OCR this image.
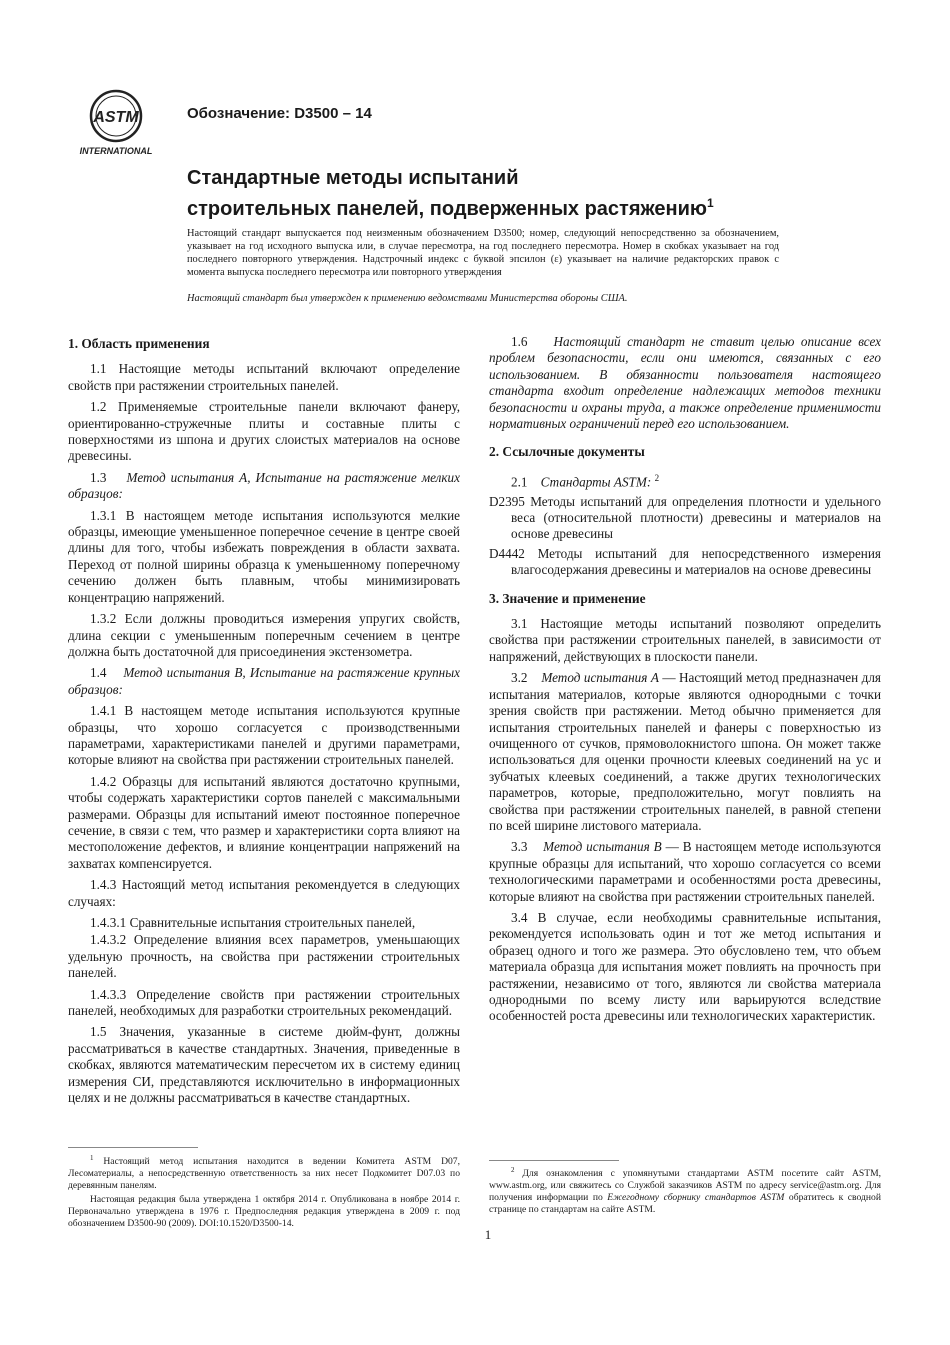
ASTM
INTERNATIONAL
Обозначение: D3500 – 14
Стандартные методы испытаний
строительных панелей, подверженных растяжению$^1$
Настоящий стандарт выпускается под неизменным обозначением D3500; номер, следующий непосредственно за обозначением, указывает на год исходного выпуска или, в случае пересмотра, на год последнего пересмотра. Номер в скобках указывает на год последнего повторного утверждения. Надстрочный индекс с буквой эпсилон (ε) указывает на наличие редакторских правок с момента выпуска последнего пересмотра или повторного утверждения
Настоящий стандарт был утвержден к применению ведомствами Министерства обороны США.
1. Область применения

1.1 Настоящие методы испытаний включают определение свойств при растяжении строительных панелей.

1.2 Применяемые строительные панели включают фанеру, ориентированно-стружечные плиты и составные плиты с поверхностями из шпона и других слоистых материалов на основе древесины.

1.3 Метод испытания A, Испытание на растяжение мелких образцов:

1.3.1 В настоящем методе испытания используются мелкие образцы, имеющие уменьшенное поперечное сечение в центре своей длины для того, чтобы избежать повреждения в области захвата. Переход от полной ширины образца к уменьшенному поперечному сечению должен быть плавным, чтобы минимизировать концентрацию напряжений.

1.3.2 Если должны проводиться измерения упругих свойств, длина секции с уменьшенным поперечным сечением в центре должна быть достаточной для присоединения экстензометра.

1.4 Метод испытания B, Испытание на растяжение крупных образцов:

1.4.1 В настоящем методе испытания используются крупные образцы, что хорошо согласуется с производственными параметрами, характеристиками панелей и другими параметрами, которые влияют на свойства при растяжении строительных панелей.

1.4.2 Образцы для испытаний являются достаточно крупными, чтобы содержать характеристики сортов панелей с максимальными размерами. Образцы для испытаний имеют постоянное поперечное сечение, в связи с тем, что размер и характеристики сорта влияют на местоположение дефектов, и влияние концентрации напряжений на захватах компенсируется.

1.4.3 Настоящий метод испытания рекомендуется в следующих случаях:

1.4.3.1 Сравнительные испытания строительных панелей,

1.4.3.2 Определение влияния всех параметров, уменьшающих удельную прочность, на свойства при растяжении строительных панелей.

1.4.3.3 Определение свойств при растяжении строительных панелей, необходимых для разработки строительных рекомендаций.

1.5 Значения, указанные в системе дюйм-фунт, должны рассматриваться в качестве стандартных. Значения, приведенные в скобках, являются математическим пересчетом их в систему единиц измерения СИ, представляются исключительно в информационных целях и не должны рассматриваться в качестве стандартных.

$^1$ Настоящий метод испытания находится в ведении Комитета ASTM D07, Лесоматериалы, а непосредственную ответственность за них несет Подкомитет D07.03 по деревянным панелям.

Настоящая редакция была утверждена 1 октября 2014 г. Опубликована в ноябре 2014 г. Первоначально утверждена в 1976 г. Предпоследняя редакция утверждена в 2009 г. под обозначением D3500-90 (2009). DOI:10.1520/D3500-14.

1.6 Настоящий стандарт не ставит целью описание всех проблем безопасности, если они имеются, связанных с его использованием. В обязанности пользователя настоящего стандарта входит определение надлежащих методов техники безопасности и охраны труда, а также определение применимости нормативных ограничений перед его использованием.

2. Ссылочные документы

2.1 Стандарты ASTM: $^2$

D2395 Методы испытаний для определения плотности и удельного веса (относительной плотности) древесины и материалов на основе древесины

D4442 Методы испытаний для непосредственного измерения влагосодержания древесины и материалов на основе древесины

3. Значение и применение

3.1 Настоящие методы испытаний позволяют определить свойства при растяжении строительных панелей, в зависимости от напряжений, действующих в плоскости панели.

3.2 Метод испытания A — Настоящий метод предназначен для испытания материалов, которые являются однородными с точки зрения свойств при растяжении. Метод обычно применяется для испытания строительных панелей и фанеры с поверхностью из очищенного от сучков, прямоволокнистого шпона. Он может также использоваться для оценки прочности клеевых соединений на ус и зубчатых клеевых соединений, а также других технологических параметров, которые, предположительно, могут повлиять на свойства при растяжении строительных панелей, в равной степени по всей ширине листового материала.

3.3 Метод испытания B — В настоящем методе используются крупные образцы для испытаний, что хорошо согласуется со всеми технологическими параметрами и особенностями роста древесины, которые влияют на свойства при растяжении строительных панелей.

3.4 В случае, если необходимы сравнительные испытания, рекомендуется использовать один и тот же метод испытания и образец одного и того же размера. Это обусловлено тем, что объем материала образца для испытания может повлиять на прочность при растяжении, независимо от того, являются ли свойства материала однородными по всему листу или варьируются вследствие особенностей роста древесины или технологических характеристик.

$^2$ Для ознакомления с упомянутыми стандартами ASTM посетите сайт ASTM, www.astm.org, или свяжитесь со Службой заказчиков ASTM по адресу service@astm.org. Для получения информации по Ежегодному сборнику стандартов ASTM обратитесь к сводной странице по стандартам на сайте ASTM.

1
